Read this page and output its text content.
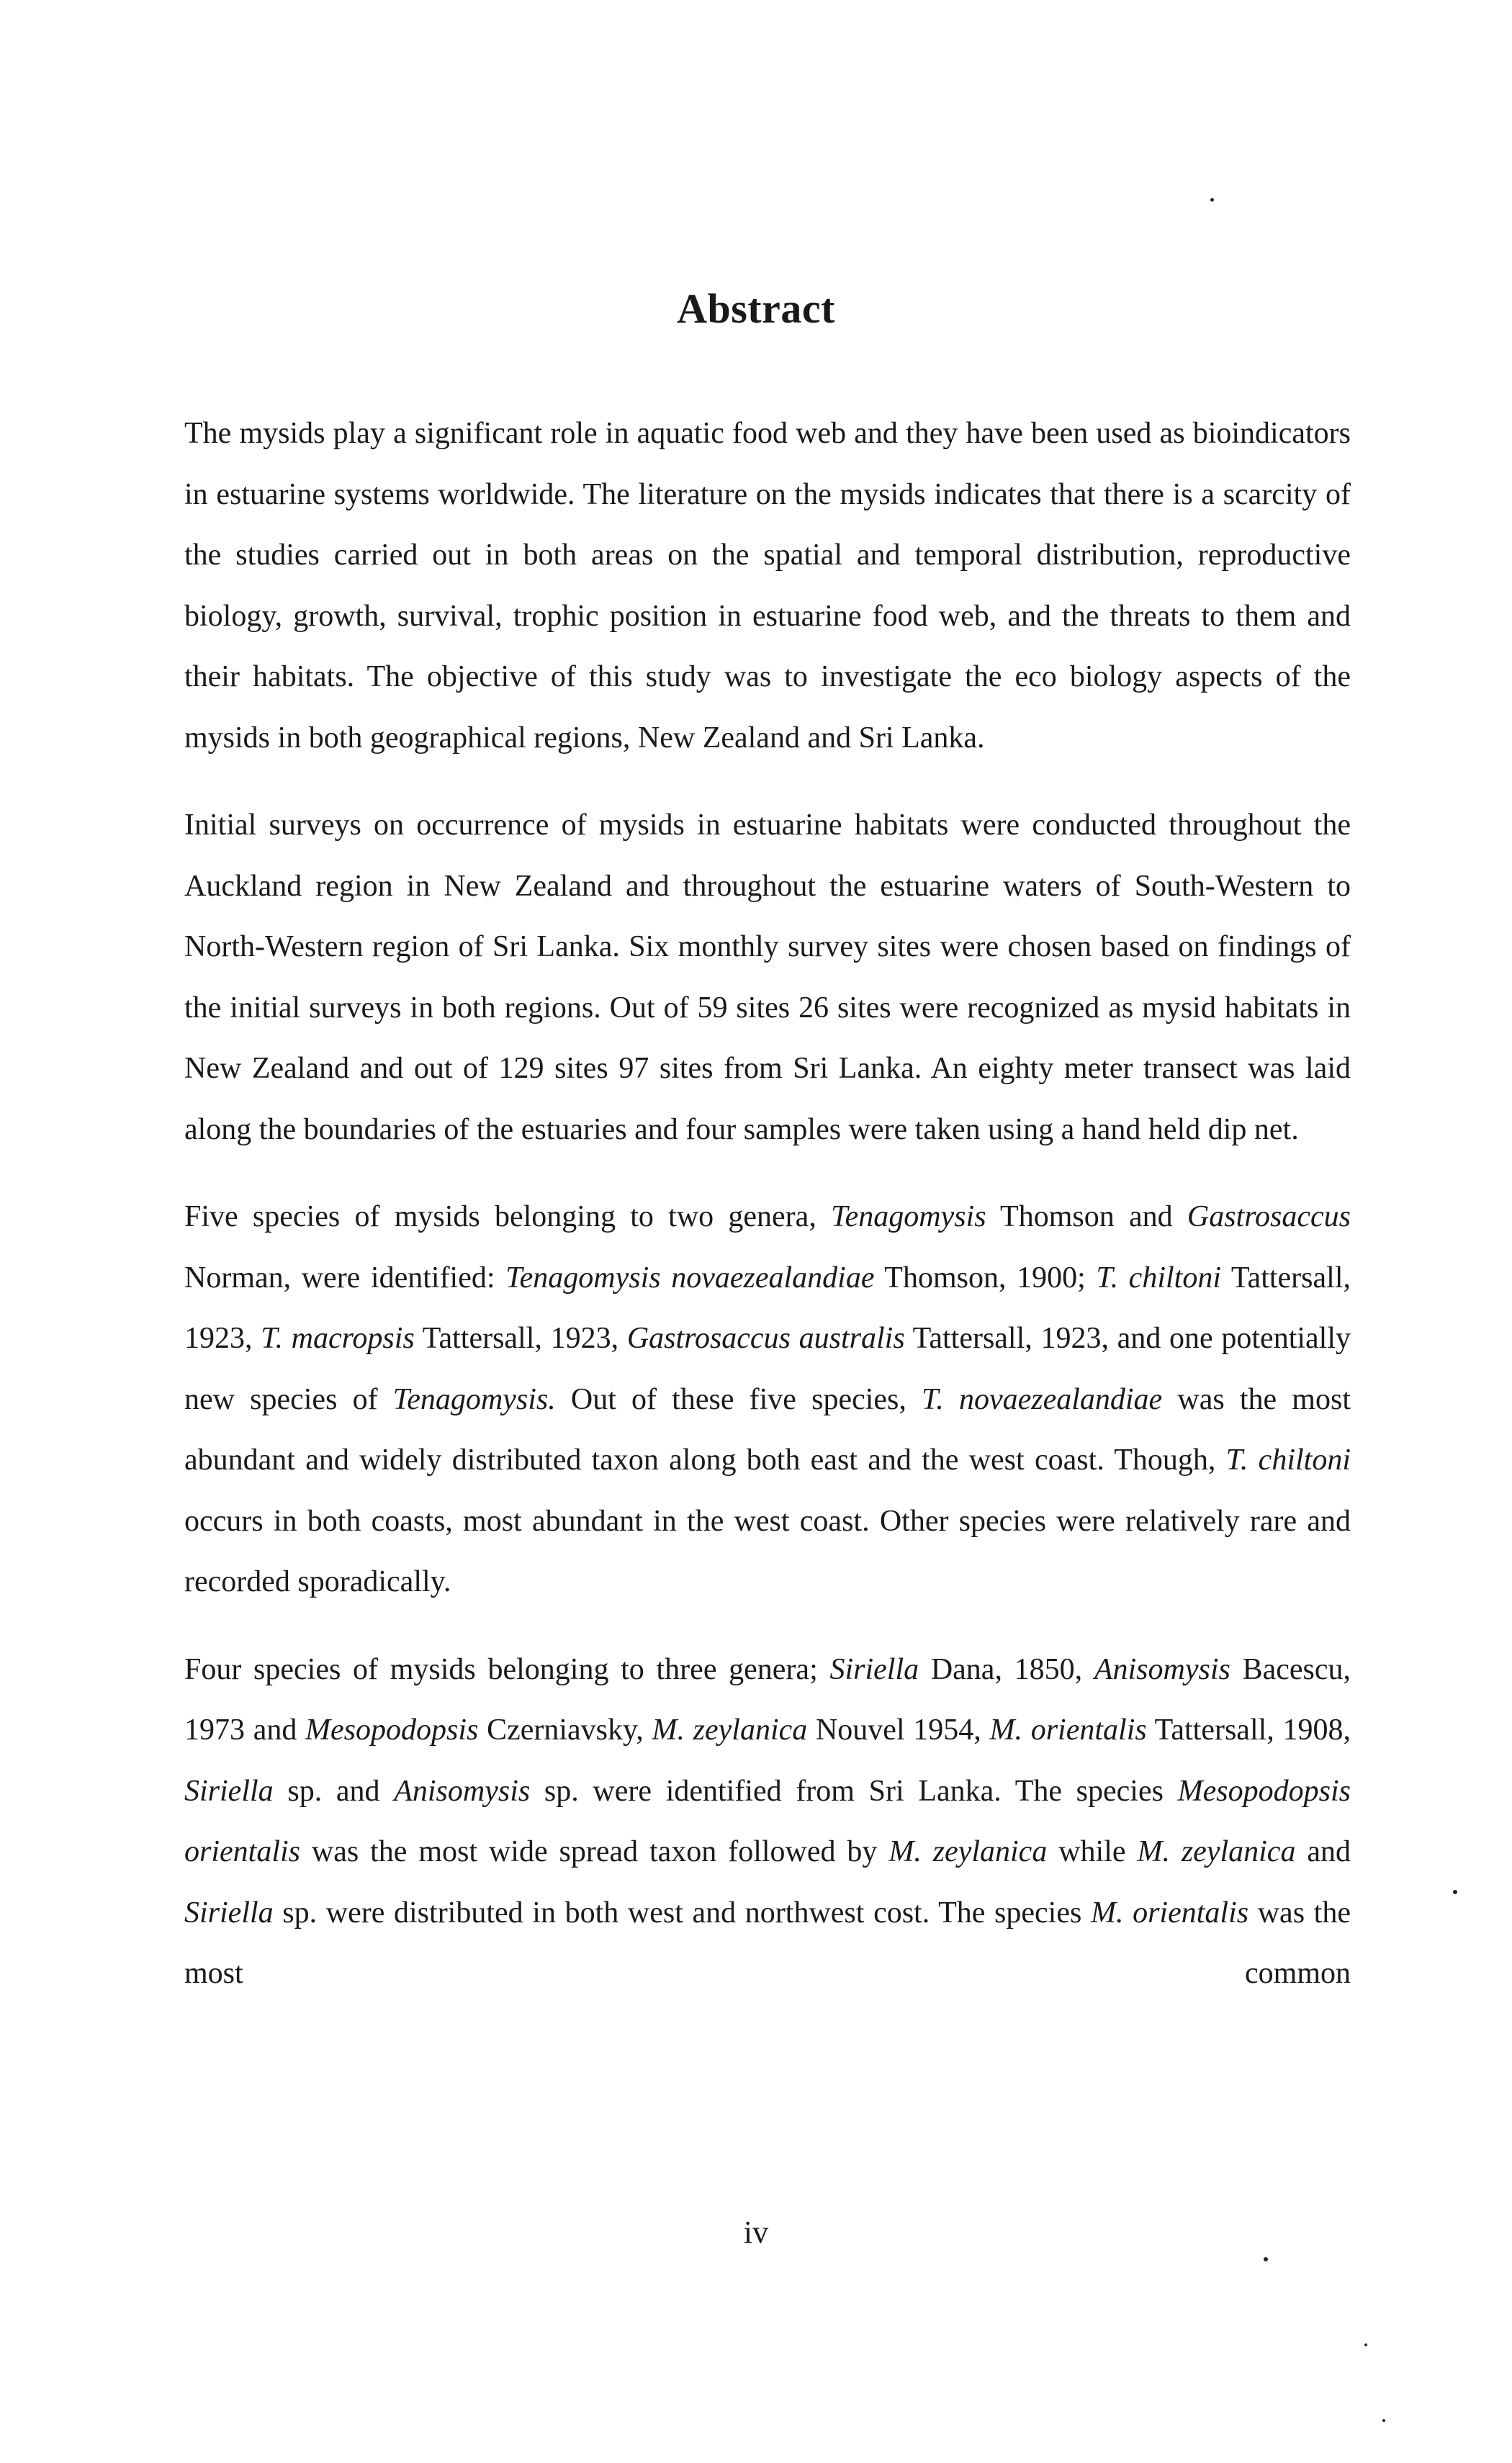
Abstract

The mysids play a significant role in aquatic food web and they have been used as bioindicators in estuarine systems worldwide. The literature on the mysids indicates that there is a scarcity of the studies carried out in both areas on the spatial and temporal distribution, reproductive biology, growth, survival, trophic position in estuarine food web, and the threats to them and their habitats. The objective of this study was to investigate the eco biology aspects of the mysids in both geographical regions, New Zealand and Sri Lanka.

Initial surveys on occurrence of mysids in estuarine habitats were conducted throughout the Auckland region in New Zealand and throughout the estuarine waters of South-Western to North-Western region of Sri Lanka. Six monthly survey sites were chosen based on findings of the initial surveys in both regions. Out of 59 sites 26 sites were recognized as mysid habitats in New Zealand and out of 129 sites 97 sites from Sri Lanka. An eighty meter transect was laid along the boundaries of the estuaries and four samples were taken using a hand held dip net.

Five species of mysids belonging to two genera, Tenagomysis Thomson and Gastrosaccus Norman, were identified: Tenagomysis novaezealandiae Thomson, 1900; T. chiltoni Tattersall, 1923, T. macropsis Tattersall, 1923, Gastrosaccus australis Tattersall, 1923, and one potentially new species of Tenagomysis. Out of these five species, T. novaezealandiae was the most abundant and widely distributed taxon along both east and the west coast. Though, T. chiltoni occurs in both coasts, most abundant in the west coast. Other species were relatively rare and recorded sporadically.

Four species of mysids belonging to three genera; Siriella Dana, 1850, Anisomysis Bacescu, 1973 and Mesopodopsis Czerniavsky, M. zeylanica Nouvel 1954, M. orientalis Tattersall, 1908, Siriella sp. and Anisomysis sp. were identified from Sri Lanka. The species Mesopodopsis orientalis was the most wide spread taxon followed by M. zeylanica while M. zeylanica and Siriella sp. were distributed in both west and northwest cost. The species M. orientalis was the most common

iv
